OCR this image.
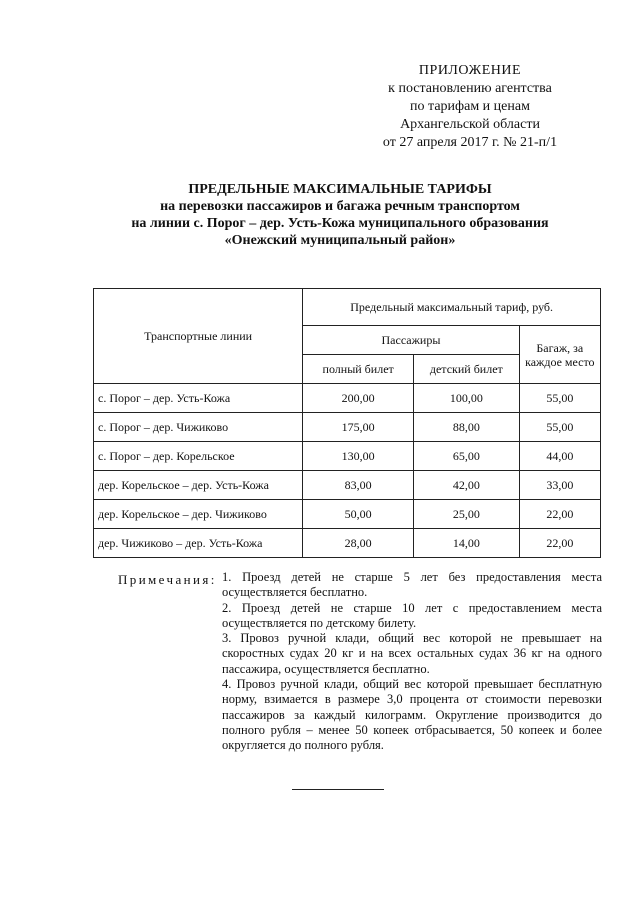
ПРИЛОЖЕНИЕ
к постановлению агентства
по тарифам и ценам
Архангельской области
от 27 апреля 2017 г. № 21-п/1
ПРЕДЕЛЬНЫЕ МАКСИМАЛЬНЫЕ ТАРИФЫ
на перевозки пассажиров и багажа речным транспортом
на линии с. Порог – дер. Усть-Кожа муниципального образования
«Онежский муниципальный район»
Транспортные линии	Предельный максимальный тариф, руб.		
	Пассажиры		Багаж, за каждое место
	полный билет	детский билет	
с. Порог – дер. Усть-Кожа	200,00	100,00	55,00
с. Порог – дер. Чижиково	175,00	88,00	55,00
с. Порог – дер. Корельское	130,00	65,00	44,00
дер. Корельское – дер. Усть-Кожа	83,00	42,00	33,00
дер. Корельское – дер. Чижиково	50,00	25,00	22,00
дер. Чижиково – дер. Усть-Кожа	28,00	14,00	22,00
Примечания: 1. Проезд детей не старше 5 лет без предоставления места осуществляется бесплатно.

2. Проезд детей не старше 10 лет с предоставлением места осуществляется по детскому билету.

3. Провоз ручной клади, общий вес которой не превышает на скоростных судах 20 кг и на всех остальных судах 36 кг на одного пассажира, осуществляется бесплатно.

4. Провоз ручной клади, общий вес которой превышает бесплатную норму, взимается в размере 3,0 процента от стоимости перевозки пассажиров за каждый килограмм. Округление производится до полного рубля – менее 50 копеек отбрасывается, 50 копеек и более округляется до полного рубля.
